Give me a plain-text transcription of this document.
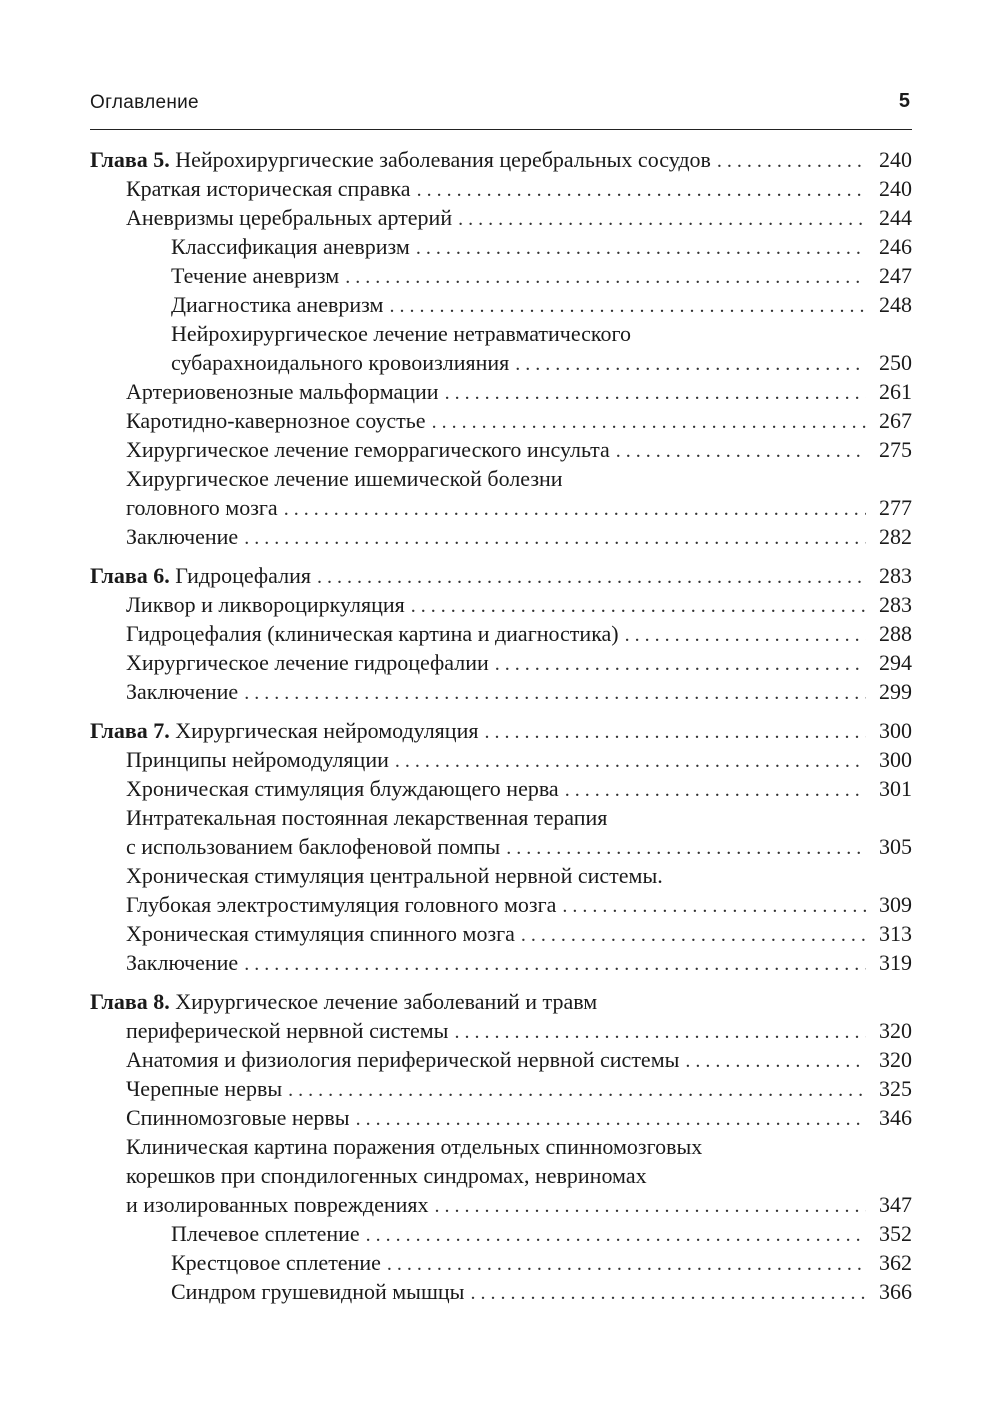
Оглавление	5
Глава 5. Нейрохирургические заболевания церебральных сосудов . . .	240
Краткая историческая справка . . .	240
Аневризмы церебральных артерий . . .	244
Классификация аневризм . . .	246
Течение аневризм . . .	247
Диагностика аневризм . . .	248
Нейрохирургическое лечение нетравматического
субарахноидального кровоизлияния . . .	250
Артериовенозные мальформации . . .	261
Каротидно-кавернозное соустье . . .	267
Хирургическое лечение геморрагического инсульта . . .	275
Хирургическое лечение ишемической болезни
головного мозга . . .	277
Заключение . . .	282
Глава 6. Гидроцефалия . . .	283
Ликвор и ликвороциркуляция . . .	283
Гидроцефалия (клиническая картина и диагностика) . . .	288
Хирургическое лечение гидроцефалии . . .	294
Заключение . . .	299
Глава 7. Хирургическая нейромодуляция . . .	300
Принципы нейромодуляции . . .	300
Хроническая стимуляция блуждающего нерва . . .	301
Интратекальная постоянная лекарственная терапия
с использованием баклофеновой помпы . . .	305
Хроническая стимуляция центральной нервной системы.
Глубокая электростимуляция головного мозга . . .	309
Хроническая стимуляция спинного мозга . . .	313
Заключение . . .	319
Глава 8. Хирургическое лечение заболеваний и травм
периферической нервной системы . . .	320
Анатомия и физиология периферической нервной системы . . .	320
Черепные нервы . . .	325
Спинномозговые нервы . . .	346
Клиническая картина поражения отдельных спинномозговых
корешков при спондилогенных синдромах, невриномах
и изолированных повреждениях . . .	347
Плечевое сплетение . . .	352
Крестцовое сплетение . . .	362
Синдром грушевидной мышцы . . .	366
